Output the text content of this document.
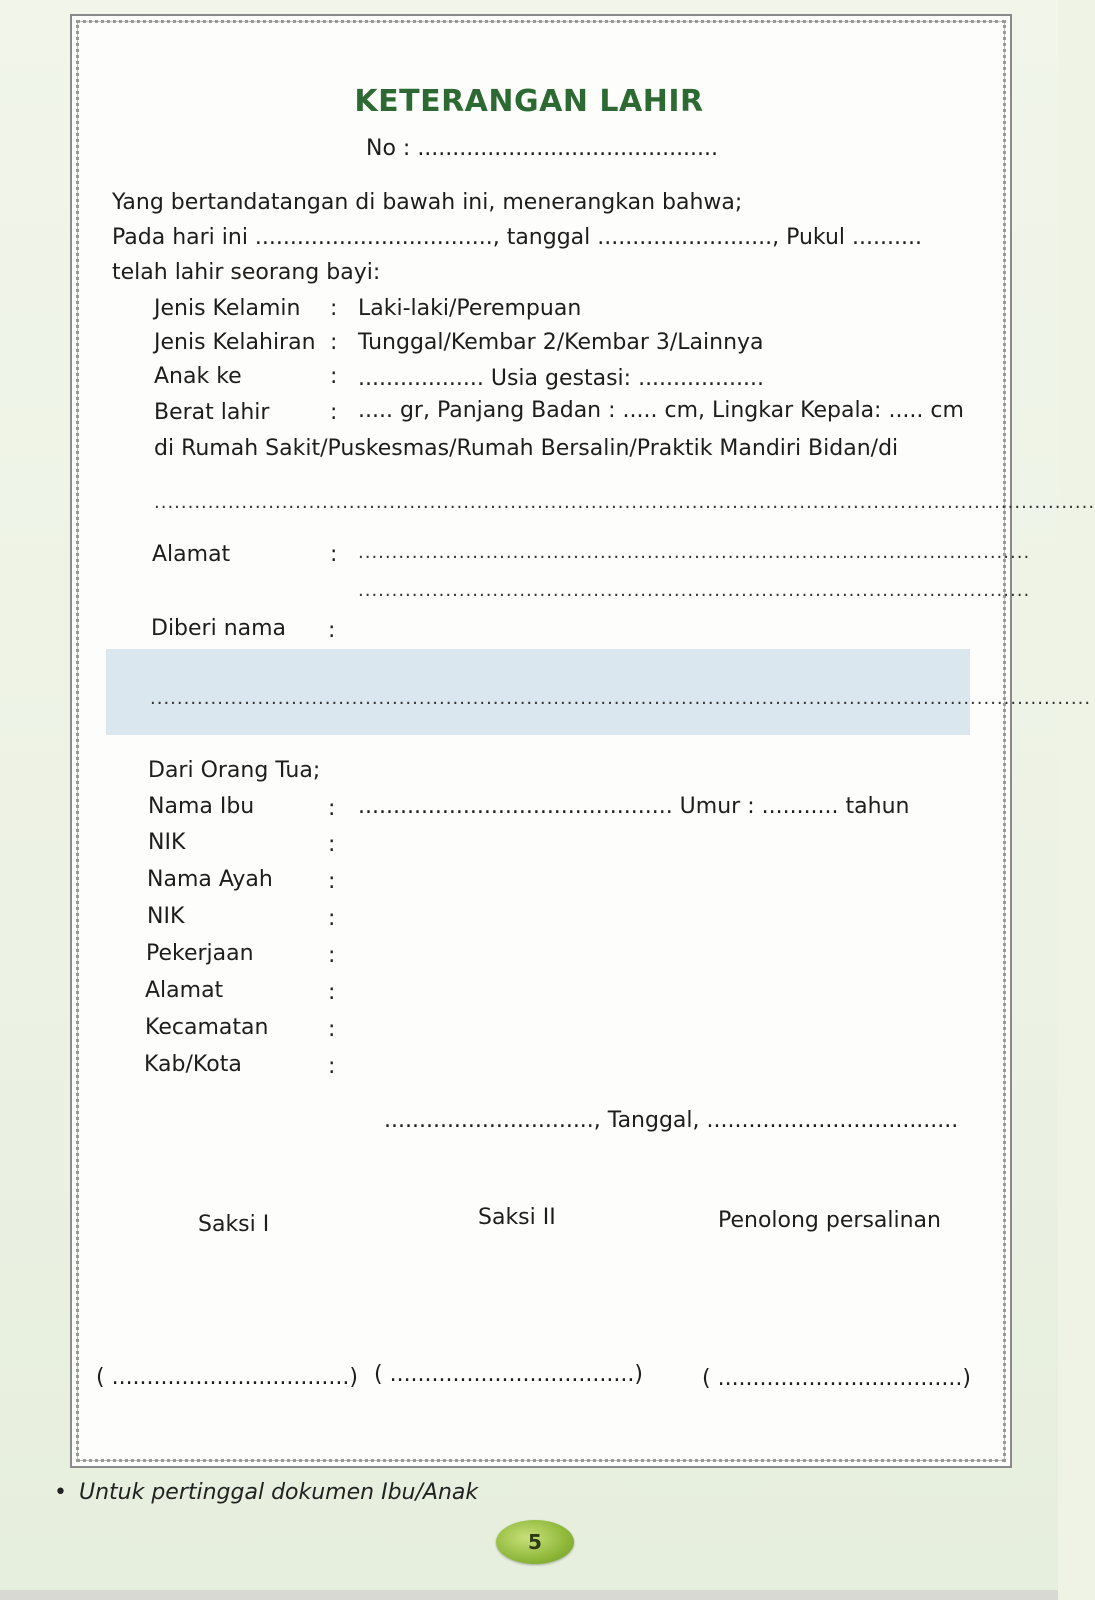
KETERANGAN LAHIR
No : ...........................................
Yang bertandatangan di bawah ini, menerangkan bahwa;
Pada hari ini .................................., tanggal ........................., Pukul ..........
telah lahir seorang bayi:
Jenis Kelamin : Laki-laki/Perempuan
Jenis Kelahiran : Tunggal/Kembar 2/Kembar 3/Lainnya
Anak ke	: .................. Usia gestasi: ..................
Berat lahir	: ..... gr, Panjang Badan : ..... cm, Lingkar Kepala: ..... cm
di Rumah Sakit/Puskesmas/Rumah Bersalin/Praktik Mandiri Bidan/di
............................................................................................................................................
Alamat	: ....................................................................................................
....................................................................................................
Diberi nama :
............................................................................................................................................
Dari Orang Tua;
Nama Ibu	: ............................................. Umur : ........... tahun
NIK	:
Nama Ayah	:
NIK	:
Pekerjaan	:
Alamat	:
Kecamatan	:
Kab/Kota	:
.............................., Tanggal, ....................................
Saksi I	Saksi II	Penolong persalinan
( ..................................) ( ...................................)	( ...................................)
• Untuk pertinggal dokumen Ibu/Anak
5
